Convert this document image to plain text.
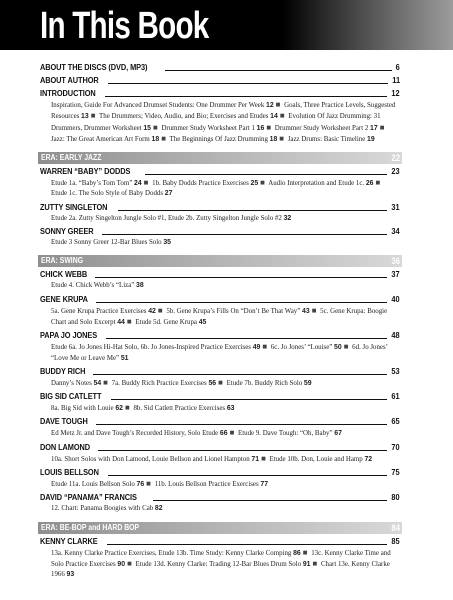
In This Book
ABOUT THE DISCS (DVD, MP3)	6
ABOUT AUTHOR	11
INTRODUCTION	12
Inspiration, Guide For Advanced Drumset Students: One Drummer Per Week 12 ■ Goals, Three Practice Levels, Suggested Resources 13 ■ The Drummers; Video, Audio, and Bio; Exercises and Etudes 14 ■ Evolution Of Jazz Drumming: 31 Drummers, Drummer Worksheet 15 ■ Drummer Study Worksheet Part 1 16 ■ Drummer Study Worksheet Part 2 17 ■ Jazz: The Great American Art Form 18 ■ The Beginnings Of Jazz Drumming 18 ■ Jazz Drums: Basic Timeline 19
ERA: EARLY JAZZ	22
WARREN “BABY” DODDS	23
Etude 1a. “Baby’s Tom Tom” 24 ■ 1b. Baby Dodds Practice Exercises 25 ■ Audio Interpretation and Etude 1c. 26 ■ Etude 1c. The Solo Style of Baby Dodds 27
ZUTTY SINGLETON	31
Etude 2a. Zutty Singelton Jungle Solo #1, Etude 2b. Zutty Singelton Jungle Solo #2 32
SONNY GREER	34
Etude 3 Sonny Greer 12-Bar Blues Solo 35
ERA: SWING	36
CHICK WEBB	37
Etude 4. Chick Webb’s “Liza” 38
GENE KRUPA	40
5a. Gene Krupa Practice Exercises 42 ■ 5b. Gene Krupa’s Fills On “Don’t Be That Way” 43 ■ 5c. Gene Krupa: Boogie Chart and Solo Excerpt 44 ■ Etude 5d. Gene Krupa 45
PAPA JO JONES	48
Etude 6a. Jo Jones Hi-Hat Solo, 6b. Jo Jones-Inspired Practice Exercises 49 ■ 6c. Jo Jones’ “Louise” 50 ■ 6d. Jo Jones’ “Love Me or Leave Me” 51
BUDDY RICH	53
Danny’s Notes 54 ■ 7a. Buddy Rich Practice Exercises 56 ■ Etude 7b. Buddy Rich Solo 59
BIG SID CATLETT	61
8a. Big Sid with Louie 62 ■ 8b. Sid Catlett Practice Exercises 63
DAVE TOUGH	65
Ed Metz Jr. and Dave Tough’s Recorded History, Solo Etude 66 ■ Etude 9. Dave Tough: “Oh, Baby” 67
DON LAMOND	70
10a. Short Solos with Don Lamond, Louie Bellson and Lionel Hampton 71 ■ Etude 10b. Don, Louie and Hamp 72
LOUIS BELLSON	75
Etude 11a. Louis Bellson Solo 76 ■ 11b. Louis Bellson Practice Exercises 77
DAVID “PANAMA” FRANCIS	80
12. Chart: Panama Boogies with Cab 82
ERA: BE-BOP and HARD BOP	84
KENNY CLARKE	85
13a. Kenny Clarke Practice Exercises, Etude 13b. Time Study: Kenny Clarke Comping 86 ■ 13c. Kenny Clarke Time and Solo Practice Exercises 90 ■ Etude 13d. Kenny Clarke: Trading 12-Bar Blues Drum Solo 91 ■ Chart 13e. Kenny Clarke 1966 93
